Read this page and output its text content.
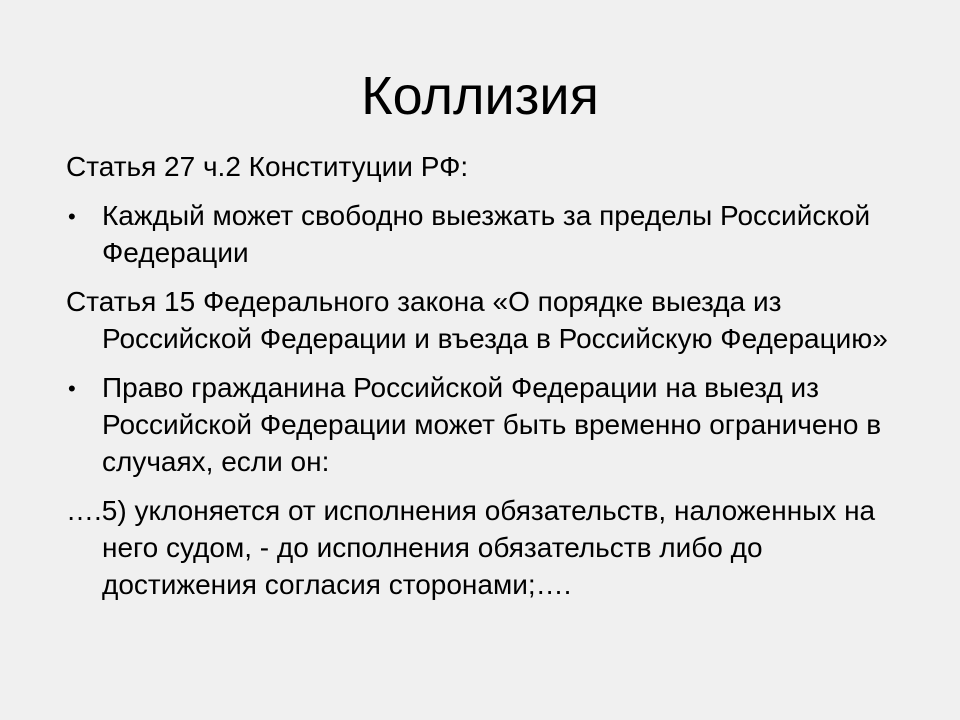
Коллизия

Статья 27 ч.2 Конституции РФ:

• Каждый может свободно выезжать за пределы Российской Федерации

Статья 15 Федерального закона «О порядке выезда из Российской Федерации и въезда в Российскую Федерацию»

• Право гражданина Российской Федерации на выезд из Российской Федерации может быть временно ограничено в случаях, если он:

….5) уклоняется от исполнения обязательств, наложенных на него судом, - до исполнения обязательств либо до достижения согласия сторонами;….
